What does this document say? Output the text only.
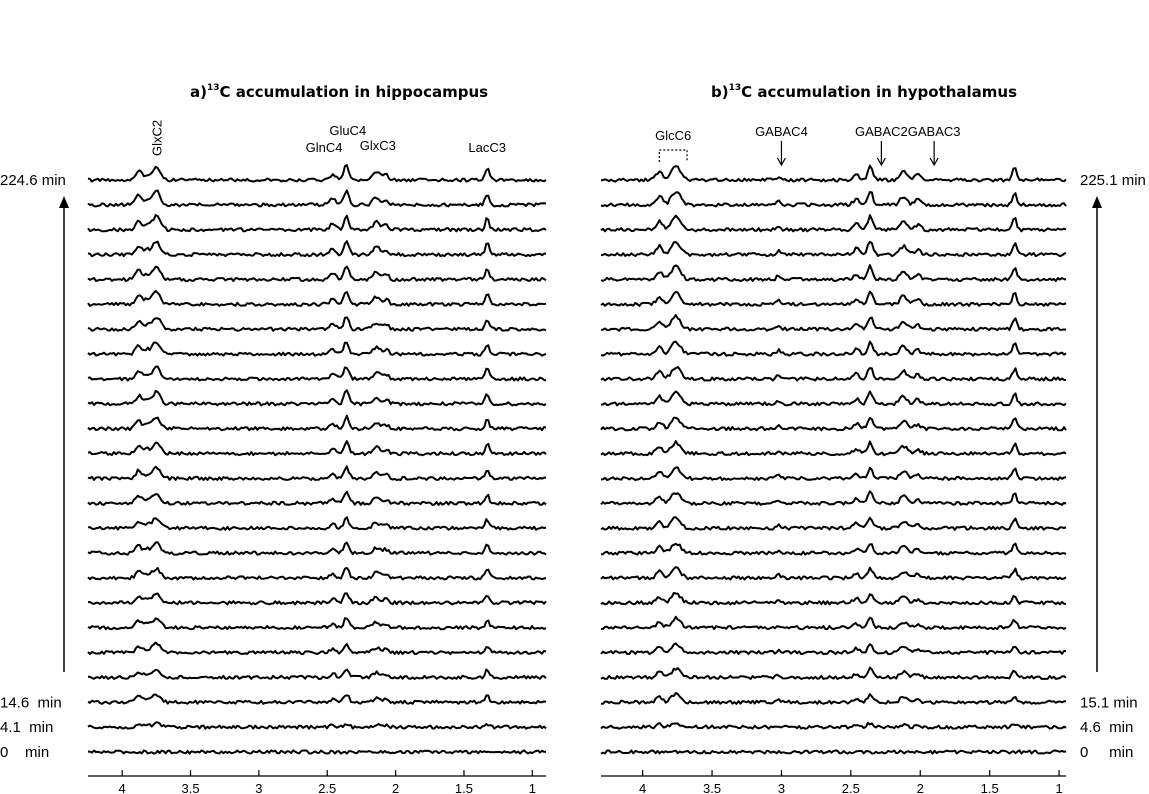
a)$^{13}$C accumulation in hippocampus
GlxC2	GluC4
GlnC4 GlxC3	LacC3
4	3.5	3	2.5	2	1.5	1
224.6 min
14.6  min
4.1  min
0    min
b)$^{13}$C accumulation in hypothalamus
GlcC6	GABAC4	GABAC2 GABAC3
4	3.5	3	2.5	2	1.5	1
225.1 min
15.1 min
4.6  min
0     min
